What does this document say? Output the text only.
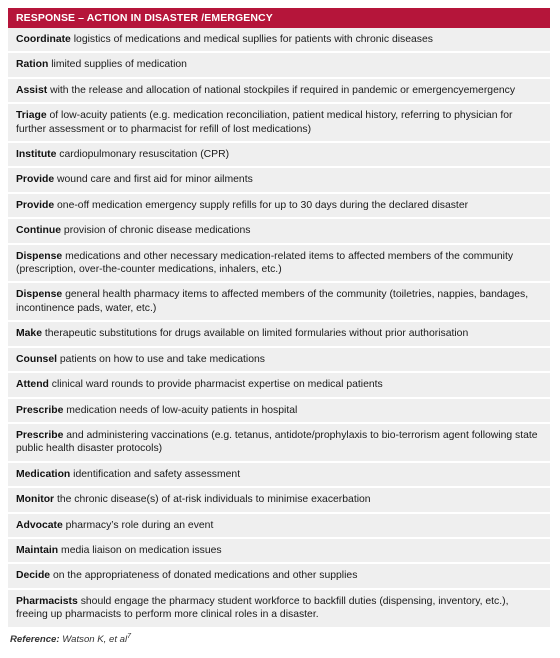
RESPONSE – ACTION IN DISASTER /EMERGENCY
Coordinate logistics of medications and medical supllies for patients with chronic diseases
Ration limited supplies of medication
Assist with the release and allocation of national stockpiles if required in pandemic or emergencyemergency
Triage of low-acuity patients (e.g. medication reconciliation, patient medical history, referring to physician for further assessment or to pharmacist for refill of lost medications)
Institute cardiopulmonary resuscitation (CPR)
Provide wound care and first aid for minor ailments
Provide one-off medication emergency supply refills for up to 30 days during the declared disaster
Continue provision of chronic disease medications
Dispense medications and other necessary medication-related items to affected members of the community (prescription, over-the-counter medications, inhalers, etc.)
Dispense general health pharmacy items to affected members of the community (toiletries, nappies, bandages, incontinence pads, water, etc.)
Make therapeutic substitutions for drugs available on limited formularies without prior authorisation
Counsel patients on how to use and take medications
Attend clinical ward rounds to provide pharmacist expertise on medical patients
Prescribe medication needs of low-acuity patients in hospital
Prescribe and administering vaccinations (e.g. tetanus, antidote/prophylaxis to bio-terrorism agent following state public health disaster protocols)
Medication identification and safety assessment
Monitor the chronic disease(s) of at-risk individuals to minimise exacerbation
Advocate pharmacy’s role during an event
Maintain media liaison on medication issues
Decide on the appropriateness of donated medications and other supplies
Pharmacists should engage the pharmacy student workforce to backfill duties (dispensing, inventory, etc.), freeing up pharmacists to perform more clinical roles in a disaster.
Reference: Watson K, et $al^7$
